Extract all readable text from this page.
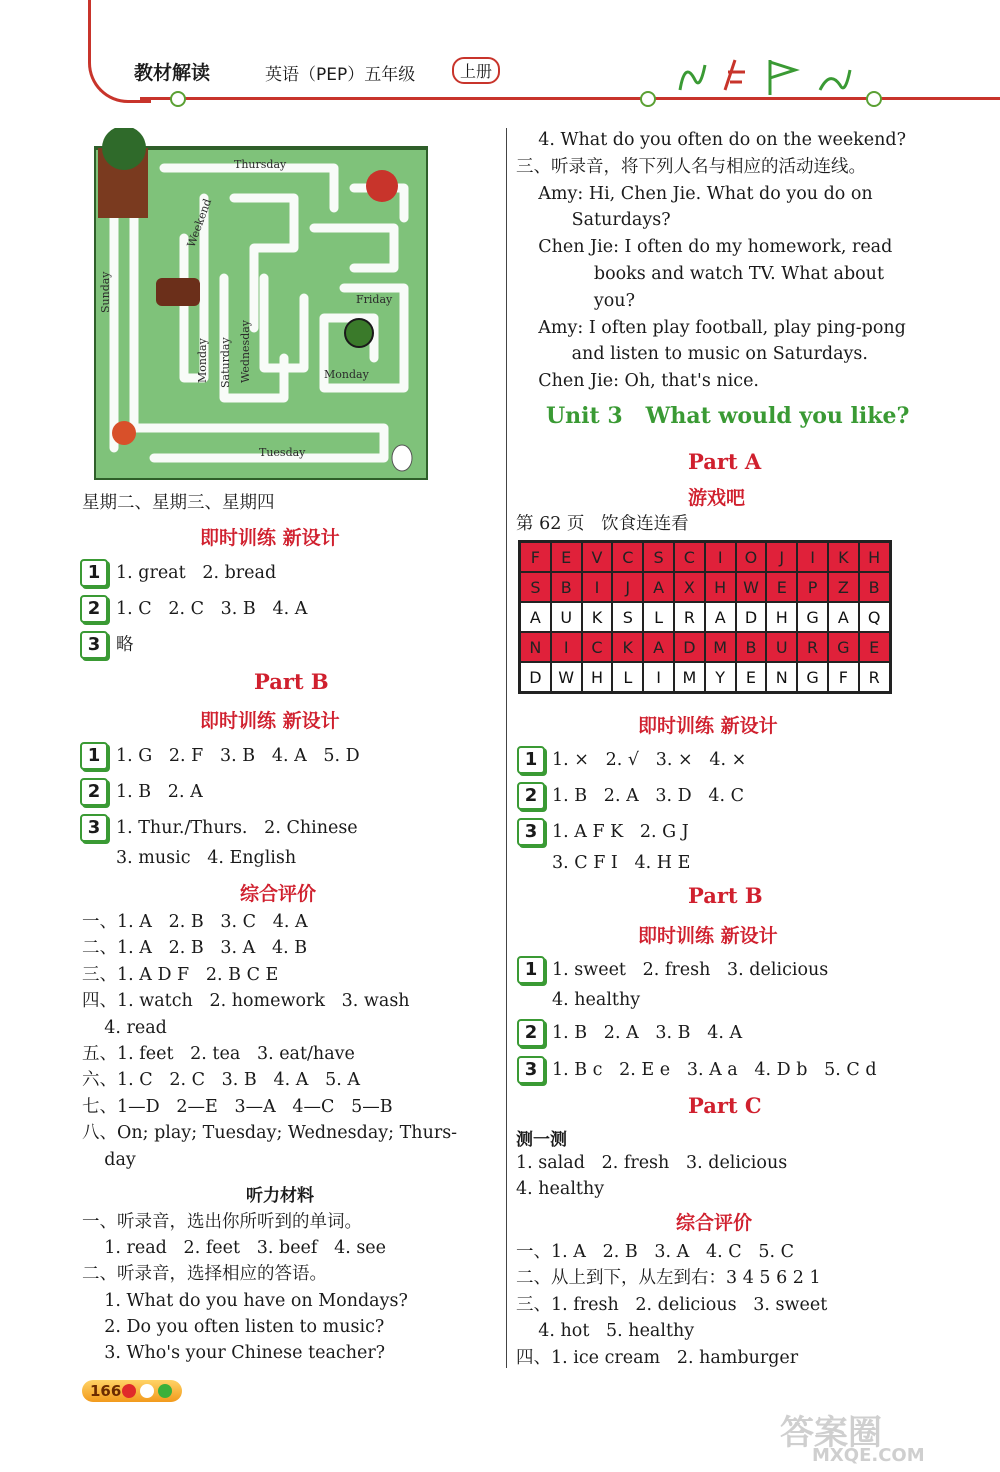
教材解读	英语（PEP）五年级	上册
Thursday
Sunday
Wednesday
Friday
Monday	Monday
Saturday
Tuesday
Weekend
星期二、星期三、星期四
即时训练 新设计
1 1. great   2. bread
2 1. C   2. C   3. B   4. A
3 略
Part B
即时训练 新设计
1 1. G   2. F   3. B   4. A   5. D
2 1. B   2. A
3 1. Thur./Thurs.   2. Chinese
3. music   4. English
综合评价
一、1. A   2. B   3. C   4. A
二、1. A   2. B   3. A   4. B
三、1. A D F   2. B C E
四、1. watch   2. homework   3. wash
4. read
五、1. feet   2. tea   3. eat/have
六、1. C   2. C   3. B   4. A   5. A
七、1—D   2—E   3—A   4—C   5—B
八、On; play; Tuesday; Wednesday; Thurs-
day
听力材料
一、听录音，选出你所听到的单词。
1. read   2. feet   3. beef   4. see
二、听录音，选择相应的答语。
1. What do you have on Mondays?
2. Do you often listen to music?
3. Who's your Chinese teacher?
4. What do you often do on the weekend?
三、听录音，将下列人名与相应的活动连线。
Amy: Hi, Chen Jie. What do you do on
Saturdays?
Chen Jie: I often do my homework, read
books and watch TV. What about
you?
Amy: I often play football, play ping-pong
and listen to music on Saturdays.
Chen Jie: Oh, that's nice.
Unit 3   What would you like?
Part A
游戏吧
第 62 页   饮食连连看
F	E	V	C	S	C	I	O	J	I	K	H
S	B	I	J	A	X	H	W	E	P	Z	B
A	U	K	S	L	R	A	D	H	G	A	Q
N	I	C	K	A	D	M	B	U	R	G	E
D	W	H	L	I	M	Y	E	N	G	F	R
即时训练 新设计
1 1. ×   2. √   3. ×   4. ×
2 1. B   2. A   3. D   4. C
3 1. A F K   2. G J
3. C F I   4. H E
Part B
即时训练 新设计
1 1. sweet   2. fresh   3. delicious
4. healthy
2 1. B   2. A   3. B   4. A
3 1. B c   2. E e   3. A a   4. D b   5. C d
Part C
测一测
1. salad   2. fresh   3. delicious
4. healthy
综合评价
一、1. A   2. B   3. A   4. C   5. C
二、从上到下，从左到右：3 4 5 6 2 1
三、1. fresh   2. delicious   3. sweet
4. hot   5. healthy
四、1. ice cream   2. hamburger
166
答案圈
MXQE.COM
